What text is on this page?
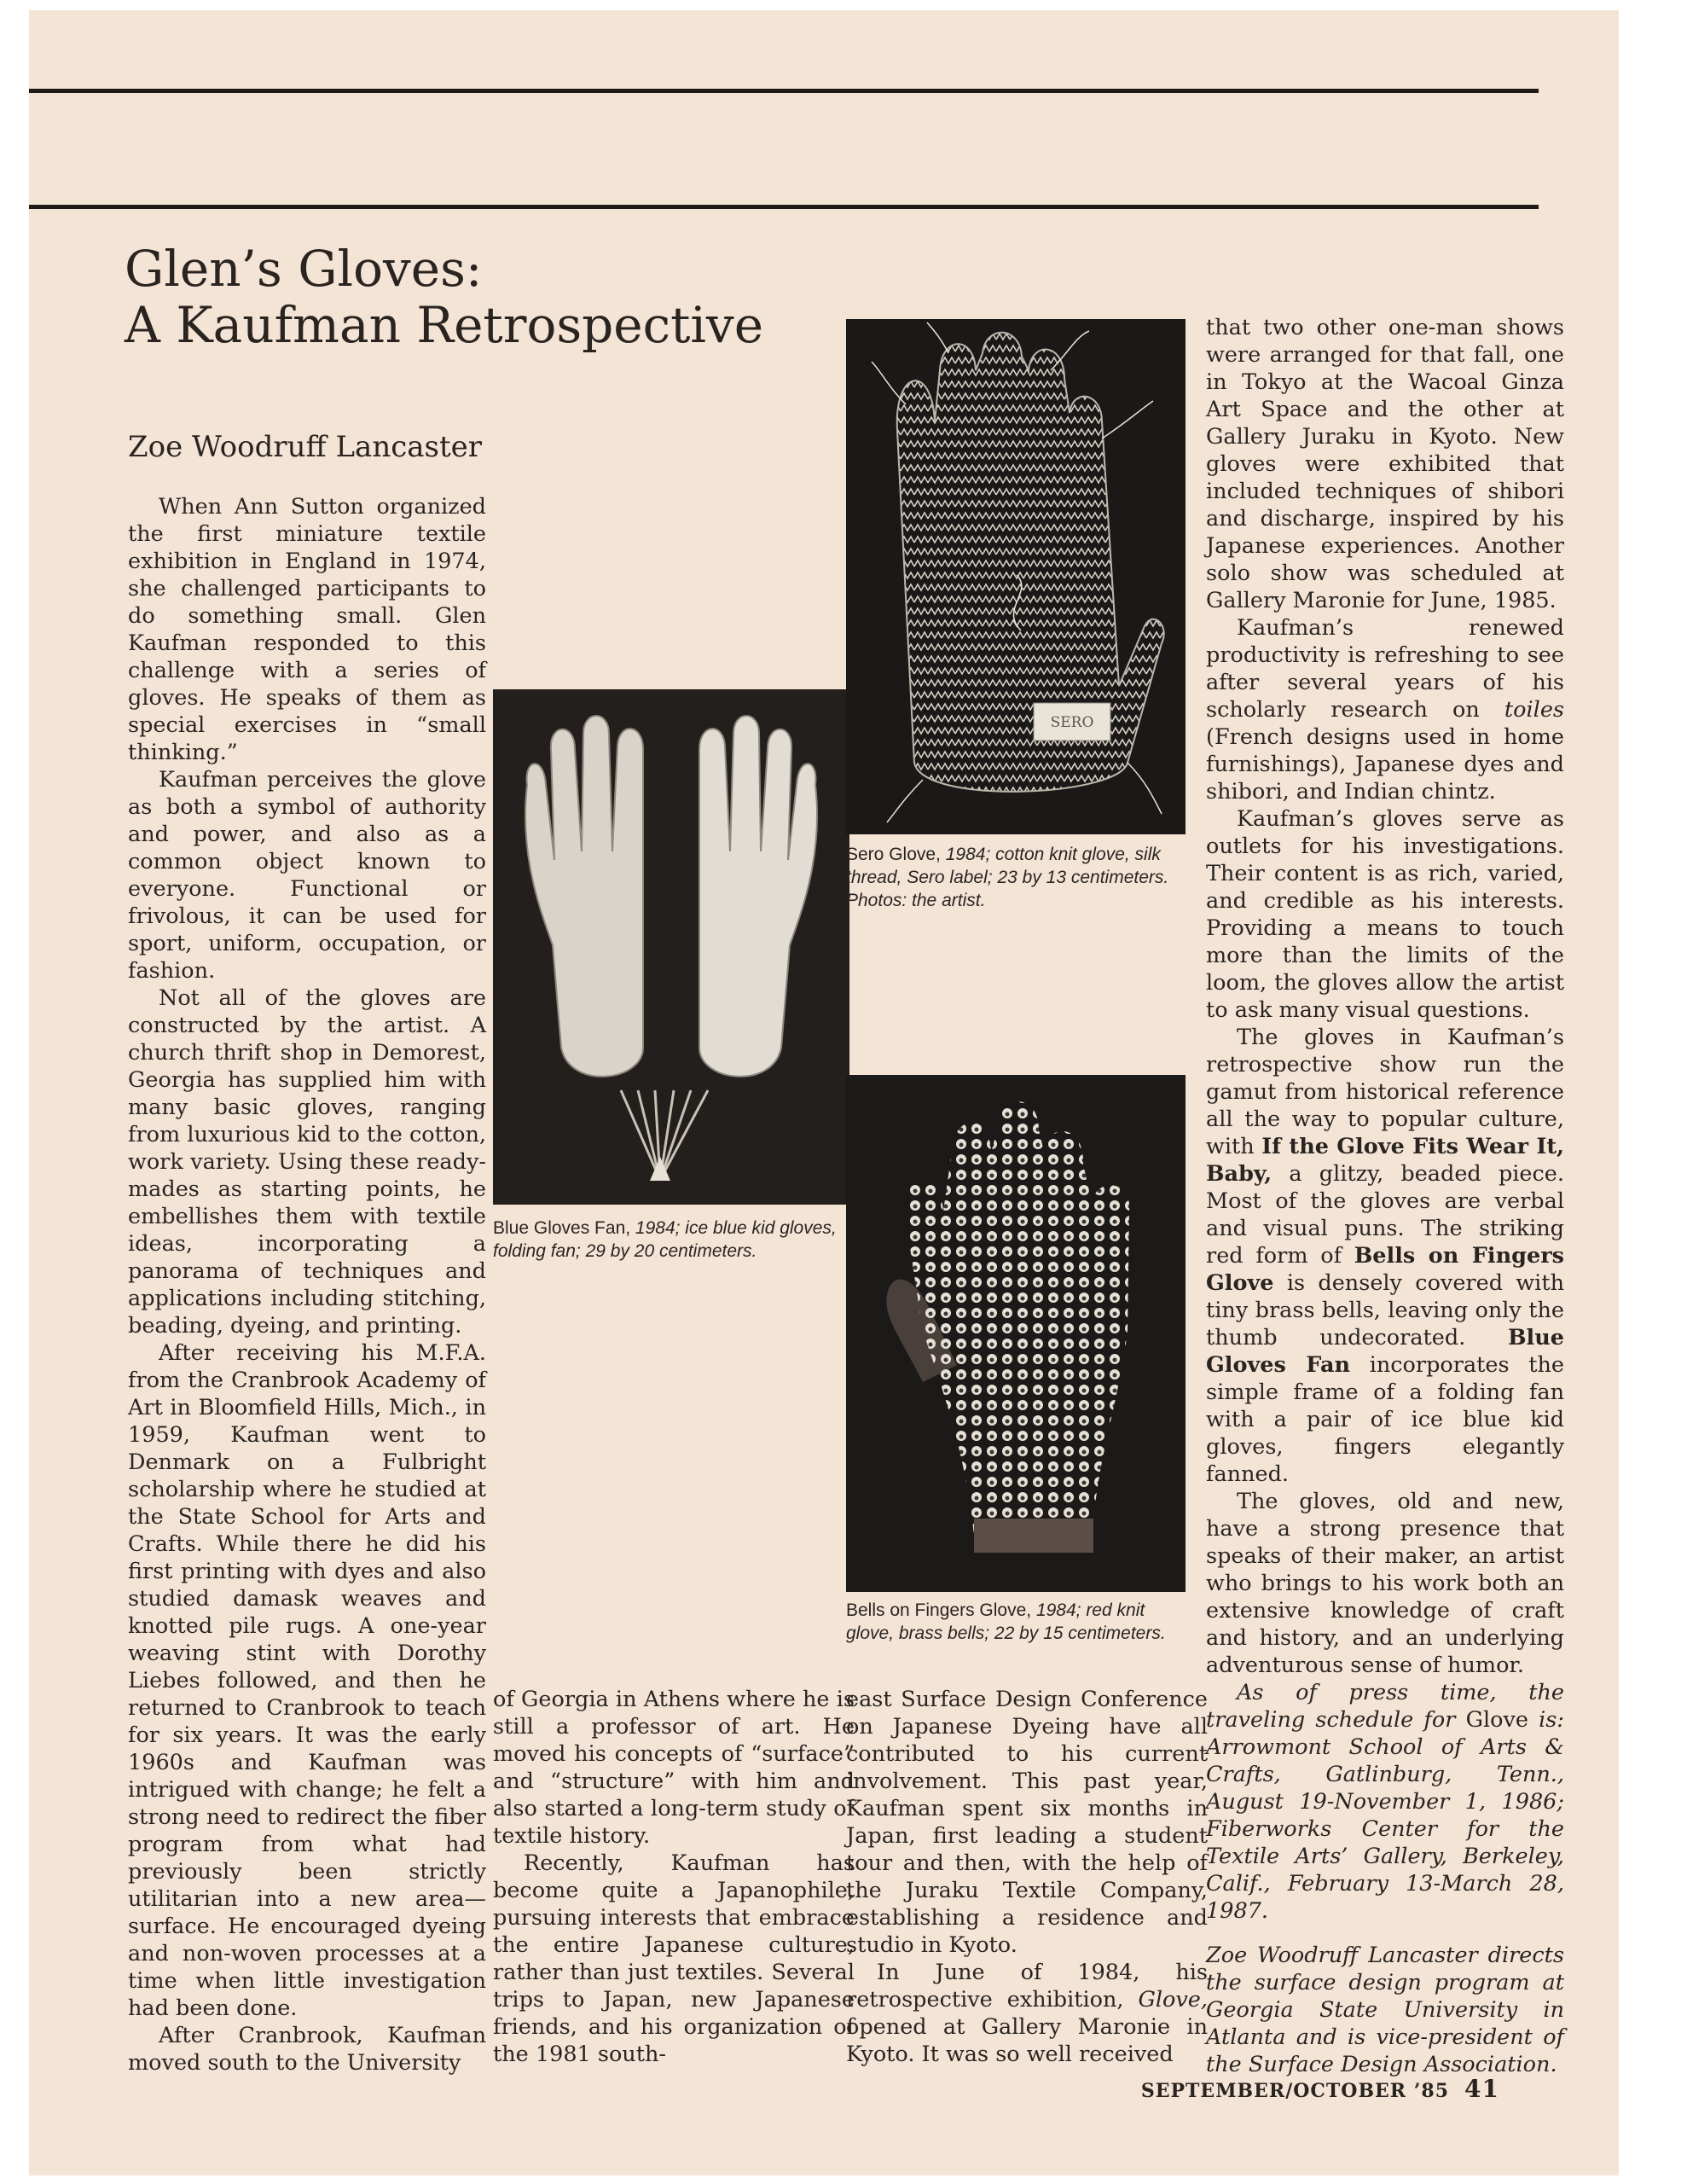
Glen’s Gloves:
A Kaufman Retrospective
Zoe Woodruff Lancaster

When Ann Sutton organized the first miniature textile exhibition in England in 1974, she challenged participants to do something small. Glen Kaufman responded to this challenge with a series of gloves. He speaks of them as special exercises in “small thinking.”

Kaufman perceives the glove as both a symbol of authority and power, and also as a common object known to everyone. Functional or frivolous, it can be used for sport, uniform, occupation, or fashion.

Not all of the gloves are constructed by the artist. A church thrift shop in Demorest, Georgia has supplied him with many basic gloves, ranging from luxurious kid to the cotton, work variety. Using these ready-mades as starting points, he embellishes them with textile ideas, incorporating a panorama of techniques and applications including stitching, beading, dyeing, and printing.

After receiving his M.F.A. from the Cranbrook Academy of Art in Bloomfield Hills, Mich., in 1959, Kaufman went to Denmark on a Fulbright scholarship where he studied at the State School for Arts and Crafts. While there he did his first printing with dyes and also studied damask weaves and knotted pile rugs. A one-year weaving stint with Dorothy Liebes followed, and then he returned to Cranbrook to teach for six years. It was the early 1960s and Kaufman was intrigued with change; he felt a strong need to redirect the fiber program from what had previously been strictly utilitarian into a new area—surface. He encouraged dyeing and non-woven processes at a time when little investigation had been done.

After Cranbrook, Kaufman moved south to the University

Blue Gloves Fan, 1984; ice blue kid gloves, folding fan; 29 by 20 centimeters.
SERO
Sero Glove, 1984; cotton knit glove, silk thread, Sero label; 23 by 13 centimeters. Photos: the artist.
Bells on Fingers Glove, 1984; red knit glove, brass bells; 22 by 15 centimeters.

of Georgia in Athens where he is still a professor of art. He moved his concepts of “surface” and “structure” with him and also started a long-term study of textile history.

Recently, Kaufman has become quite a Japanophile, pursuing interests that embrace the entire Japanese culture, rather than just textiles. Several trips to Japan, new Japanese friends, and his organization of the 1981 south-

east Surface Design Conference on Japanese Dyeing have all contributed to his current involvement. This past year, Kaufman spent six months in Japan, first leading a student tour and then, with the help of the Juraku Textile Company, establishing a residence and studio in Kyoto.

In June of 1984, his retrospective exhibition, Glove, opened at Gallery Maronie in Kyoto. It was so well received

that two other one-man shows were arranged for that fall, one in Tokyo at the Wacoal Ginza Art Space and the other at Gallery Juraku in Kyoto. New gloves were exhibited that included techniques of shibori and discharge, inspired by his Japanese experiences. Another solo show was scheduled at Gallery Maronie for June, 1985.

Kaufman’s renewed productivity is refreshing to see after several years of his scholarly research on toiles (French designs used in home furnishings), Japanese dyes and shibori, and Indian chintz.

Kaufman’s gloves serve as outlets for his investigations. Their content is as rich, varied, and credible as his interests. Providing a means to touch more than the limits of the loom, the gloves allow the artist to ask many visual questions.

The gloves in Kaufman’s retrospective show run the gamut from historical reference all the way to popular culture, with If the Glove Fits Wear It, Baby, a glitzy, beaded piece. Most of the gloves are verbal and visual puns. The striking red form of Bells on Fingers Glove is densely covered with tiny brass bells, leaving only the thumb undecorated. Blue Gloves Fan incorporates the simple frame of a folding fan with a pair of ice blue kid gloves, fingers elegantly fanned.

The gloves, old and new, have a strong presence that speaks of their maker, an artist who brings to his work both an extensive knowledge of craft and history, and an underlying adventurous sense of humor.

As of press time, the traveling schedule for Glove is: Arrowmont School of Arts & Crafts, Gatlinburg, Tenn., August 19-November 1, 1986; Fiberworks Center for the Textile Arts’ Gallery, Berkeley, Calif., February 13-March 28, 1987.

Zoe Woodruff Lancaster directs the surface design program at Georgia State University in Atlanta and is vice-president of the Surface Design Association.

SEPTEMBER/OCTOBER ’85 41
